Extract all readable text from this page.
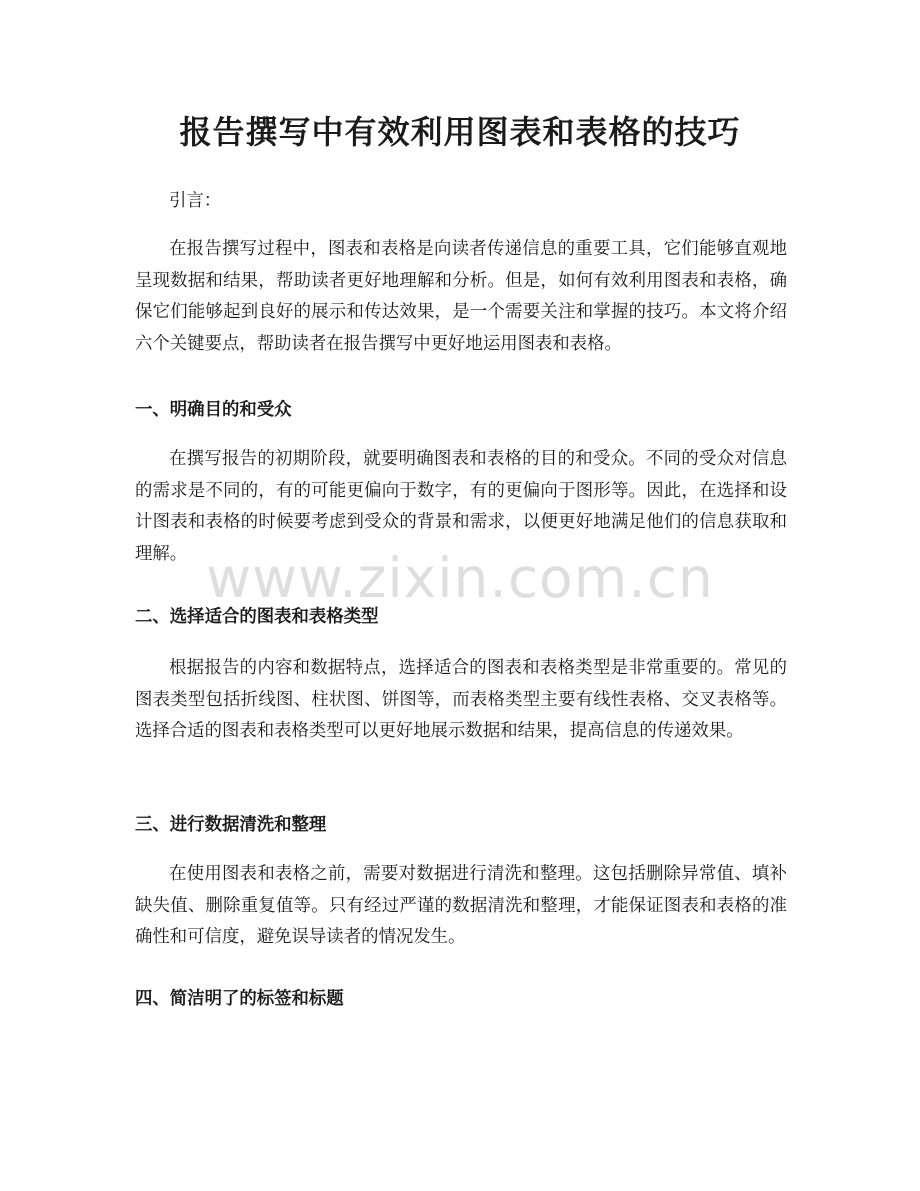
报告撰写中有效利用图表和表格的技巧

引言：

在报告撰写过程中，图表和表格是向读者传递信息的重要工具，它们能够直观地呈现数据和结果，帮助读者更好地理解和分析。但是，如何有效利用图表和表格，确保它们能够起到良好的展示和传达效果，是一个需要关注和掌握的技巧。本文将介绍六个关键要点，帮助读者在报告撰写中更好地运用图表和表格。

一、明确目的和受众

在撰写报告的初期阶段，就要明确图表和表格的目的和受众。不同的受众对信息的需求是不同的，有的可能更偏向于数字，有的更偏向于图形等。因此，在选择和设计图表和表格的时候要考虑到受众的背景和需求，以便更好地满足他们的信息获取和理解。

二、选择适合的图表和表格类型

根据报告的内容和数据特点，选择适合的图表和表格类型是非常重要的。常见的图表类型包括折线图、柱状图、饼图等，而表格类型主要有线性表格、交叉表格等。选择合适的图表和表格类型可以更好地展示数据和结果，提高信息的传递效果。

三、进行数据清洗和整理

在使用图表和表格之前，需要对数据进行清洗和整理。这包括删除异常值、填补缺失值、删除重复值等。只有经过严谨的数据清洗和整理，才能保证图表和表格的准确性和可信度，避免误导读者的情况发生。

四、简洁明了的标签和标题
www.zixin.com.cn
